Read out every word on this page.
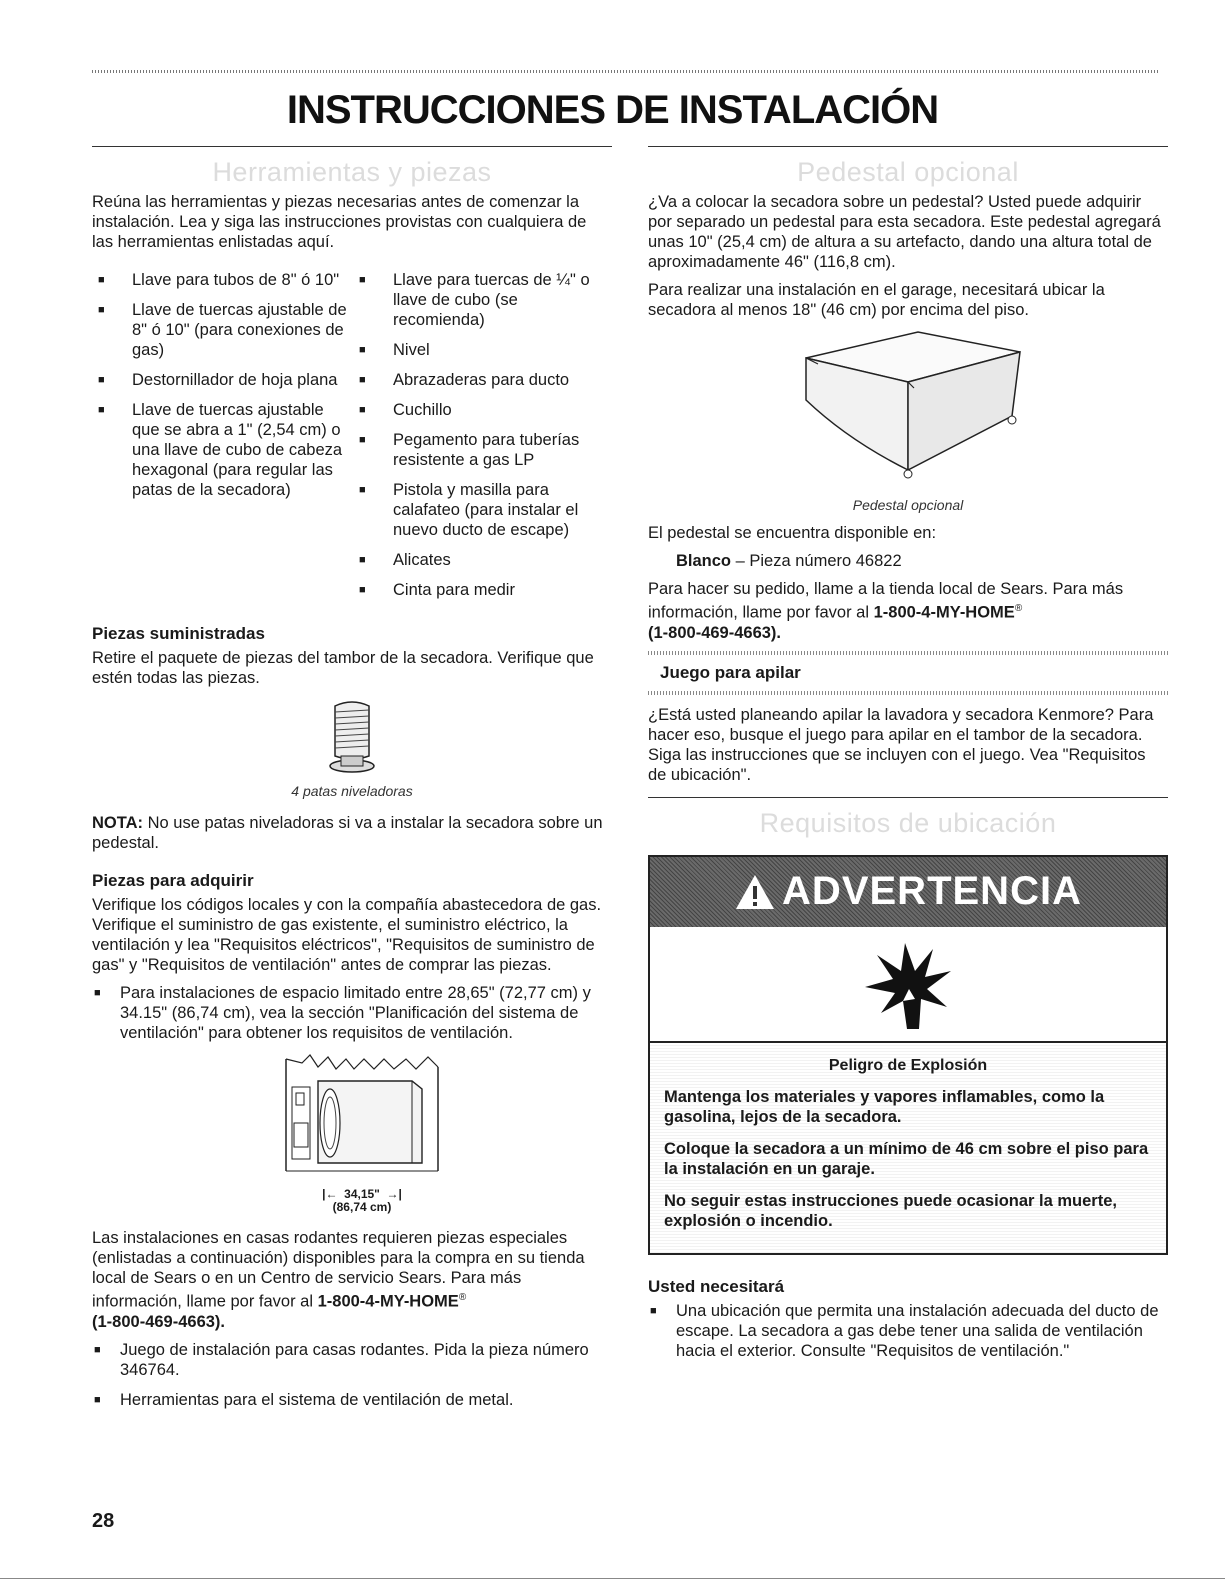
INSTRUCCIONES DE INSTALACIÓN
Herramientas y piezas

Reúna las herramientas y piezas necesarias antes de comenzar la instalación. Lea y siga las instrucciones provistas con cualquiera de las herramientas enlistadas aquí.

■ Llave para tubos de 8" ó 10"
■ Llave de tuercas ajustable de 8" ó 10" (para conexiones de gas)
■ Destornillador de hoja plana
■ Llave de tuercas ajustable que se abra a 1" (2,54 cm) o una llave de cubo de cabeza hexagonal (para regular las patas de la secadora)
■ Llave para tuercas de ¼" o llave de cubo (se recomienda)
■ Nivel
■ Abrazaderas para ducto
■ Cuchillo
■ Pegamento para tuberías resistente a gas LP
■ Pistola y masilla para calafateo (para instalar el nuevo ducto de escape)
■ Alicates
■ Cinta para medir
Piezas suministradas

Retire el paquete de piezas del tambor de la secadora. Verifique que estén todas las piezas.

4 patas niveladoras

NOTA: No use patas niveladoras si va a instalar la secadora sobre un pedestal.

Piezas para adquirir

Verifique los códigos locales y con la compañía abastecedora de gas. Verifique el suministro de gas existente, el suministro eléctrico, la ventilación y lea "Requisitos eléctricos", "Requisitos de suministro de gas" y "Requisitos de ventilación" antes de comprar las piezas.

■ Para instalaciones de espacio limitado entre 28,65" (72,77 cm) y 34.15" (86,74 cm), vea la sección "Planificación del sistema de ventilación" para obtener los requisitos de ventilación.
|←  34,15"  →|
(86,74 cm)

Las instalaciones en casas rodantes requieren piezas especiales (enlistadas a continuación) disponibles para la compra en su tienda local de Sears o en un Centro de servicio Sears. Para más información, llame por favor al 1-800-4-MY-HOME®
(1-800-469-4663).

■ Juego de instalación para casas rodantes. Pida la pieza número 346764.
■ Herramientas para el sistema de ventilación de metal.
Pedestal opcional

¿Va a colocar la secadora sobre un pedestal? Usted puede adquirir por separado un pedestal para esta secadora. Este pedestal agregará unas 10" (25,4 cm) de altura a su artefacto, dando una altura total de aproximadamente 46" (116,8 cm).

Para realizar una instalación en el garage, necesitará ubicar la secadora al menos 18" (46 cm) por encima del piso.

Pedestal opcional

El pedestal se encuentra disponible en:

Blanco – Pieza número 46822

Para hacer su pedido, llame a la tienda local de Sears. Para más información, llame por favor al 1-800-4-MY-HOME®
(1-800-469-4663).

Juego para apilar

¿Está usted planeando apilar la lavadora y secadora Kenmore? Para hacer eso, busque el juego para apilar en el tambor de la secadora. Siga las instrucciones que se incluyen con el juego. Vea "Requisitos de ubicación".

Requisitos de ubicación
ADVERTENCIA
Peligro de Explosión

Mantenga los materiales y vapores inflamables, como la gasolina, lejos de la secadora.

Coloque la secadora a un mínimo de 46 cm sobre el piso para la instalación en un garaje.

No seguir estas instrucciones puede ocasionar la muerte, explosión o incendio.

Usted necesitará
■ Una ubicación que permita una instalación adecuada del ducto de escape. La secadora a gas debe tener una salida de ventilación hacia el exterior. Consulte "Requisitos de ventilación."
28
